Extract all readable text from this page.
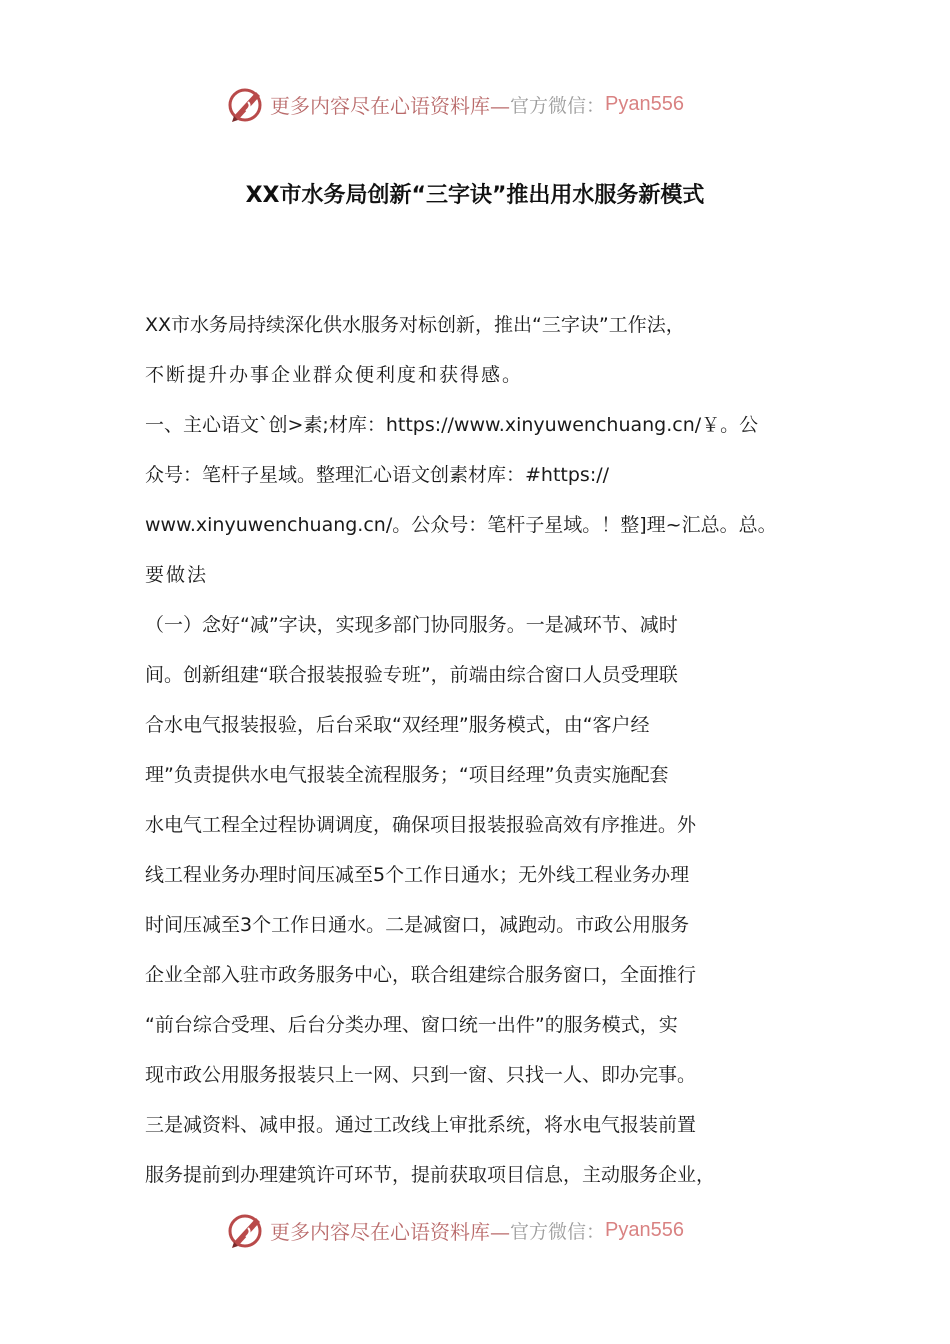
更多内容尽在心语资料库— 官方微信： Pyan556
XX市水务局创新“三字诀”推出用水服务新模式
XX市水务局持续深化供水服务对标创新，推出“三字诀”工作法，
不断提升办事企业群众便利度和获得感。
一、主心语文`创>素;材库：https://www.xinyuwenchuang.cn/￥。公
众号：笔杆子星域。整理汇心语文创素材库：#https://
www.xinyuwenchuang.cn/。公众号：笔杆子星域。！整]理~汇总。总。
要做法
（一）念好“减”字诀，实现多部门协同服务。一是减环节、减时
间。创新组建“联合报装报验专班”，前端由综合窗口人员受理联
合水电气报装报验，后台采取“双经理”服务模式，由“客户经
理”负责提供水电气报装全流程服务；“项目经理”负责实施配套
水电气工程全过程协调调度，确保项目报装报验高效有序推进。外
线工程业务办理时间压减至5个工作日通水；无外线工程业务办理
时间压减至3个工作日通水。二是减窗口，减跑动。市政公用服务
企业全部入驻市政务服务中心，联合组建综合服务窗口，全面推行
“前台综合受理、后台分类办理、窗口统一出件”的服务模式，实
现市政公用服务报装只上一网、只到一窗、只找一人、即办完事。
三是减资料、减申报。通过工改线上审批系统，将水电气报装前置
服务提前到办理建筑许可环节，提前获取项目信息，主动服务企业，
更多内容尽在心语资料库— 官方微信： Pyan556
